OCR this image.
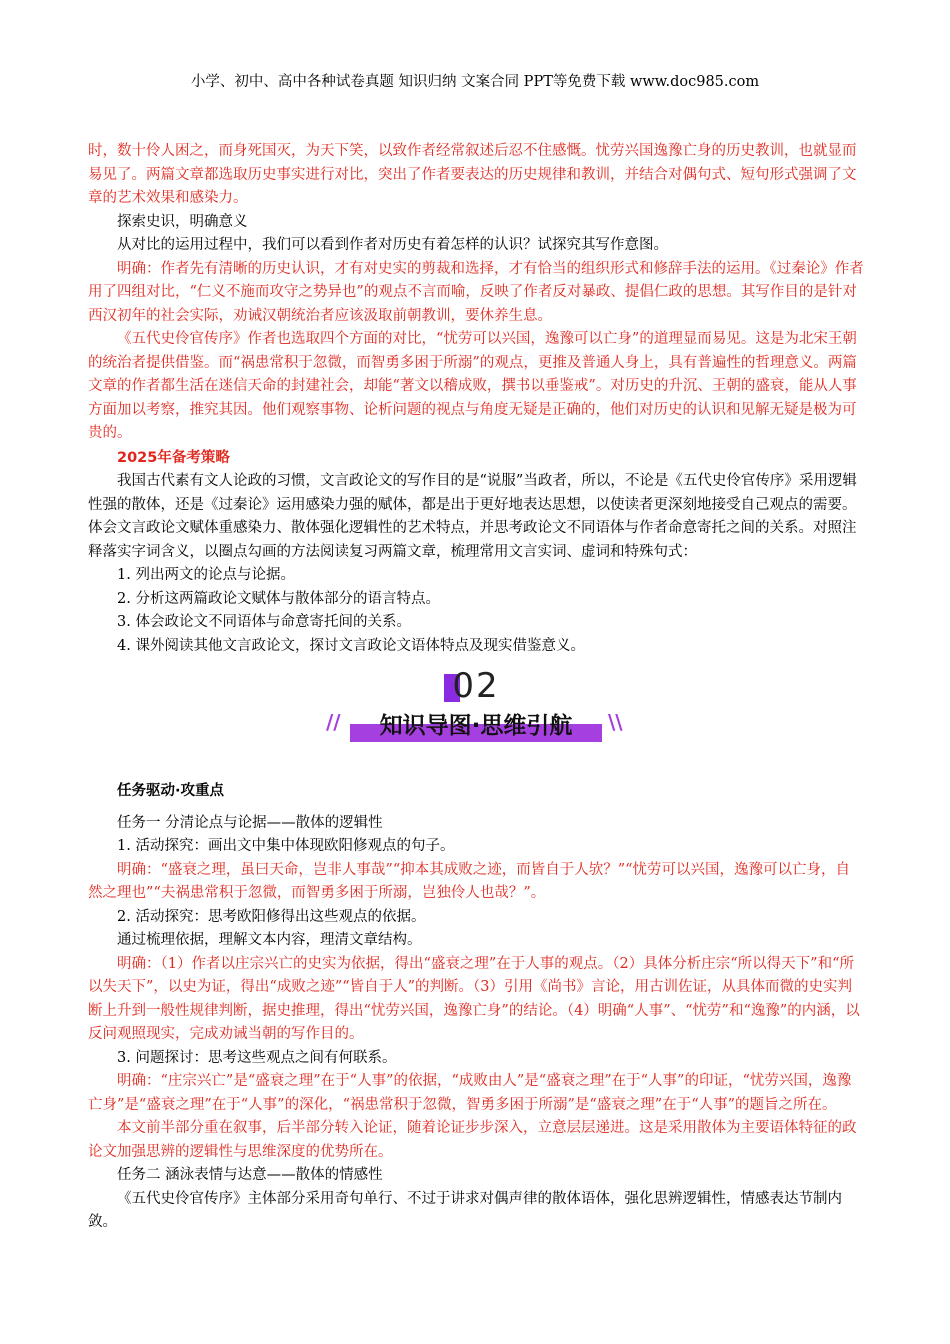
小学、初中、高中各种试卷真题 知识归纳 文案合同 PPT等免费下载 www.doc985.com

时，数十伶人困之，而身死国灭，为天下笑，以致作者经常叙述后忍不住感慨。忧劳兴国逸豫亡身的历史教训，也就显而易见了。两篇文章都选取历史事实进行对比，突出了作者要表达的历史规律和教训，并结合对偶句式、短句形式强调了文章的艺术效果和感染力。

探索史识，明确意义

从对比的运用过程中，我们可以看到作者对历史有着怎样的认识？试探究其写作意图。

明确：作者先有清晰的历史认识，才有对史实的剪裁和选择，才有恰当的组织形式和修辞手法的运用。《过秦论》作者用了四组对比，“仁义不施而攻守之势异也”的观点不言而喻，反映了作者反对暴政、提倡仁政的思想。其写作目的是针对西汉初年的社会实际，劝诫汉朝统治者应该汲取前朝教训，要休养生息。

《五代史伶官传序》作者也选取四个方面的对比，“忧劳可以兴国，逸豫可以亡身”的道理显而易见。这是为北宋王朝的统治者提供借鉴。而“祸患常积于忽微，而智勇多困于所溺”的观点，更推及普通人身上，具有普遍性的哲理意义。两篇文章的作者都生活在迷信天命的封建社会，却能“著文以稽成败，撰书以垂鉴戒”。对历史的升沉、王朝的盛衰，能从人事方面加以考察，推究其因。他们观察事物、论析问题的视点与角度无疑是正确的，他们对历史的认识和见解无疑是极为可贵的。

2025年备考策略

我国古代素有文人论政的习惯，文言政论文的写作目的是“说服”当政者，所以，不论是《五代史伶官传序》采用逻辑性强的散体，还是《过秦论》运用感染力强的赋体，都是出于更好地表达思想，以使读者更深刻地接受自己观点的需要。体会文言政论文赋体重感染力、散体强化逻辑性的艺术特点，并思考政论文不同语体与作者命意寄托之间的关系。对照注释落实字词含义，以圈点勾画的方法阅读复习两篇文章，梳理常用文言实词、虚词和特殊句式：

1. 列出两文的论点与论据。

2. 分析这两篇政论文赋体与散体部分的语言特点。

3. 体会政论文不同语体与命意寄托间的关系。

4. 课外阅读其他文言政论文，探讨文言政论文语体特点及现实借鉴意义。

02
//	知识导图·思维引航	\\

任务驱动·攻重点

任务一 分清论点与论据——散体的逻辑性

1. 活动探究：画出文中集中体现欧阳修观点的句子。

明确：“盛衰之理，虽曰天命，岂非人事哉”“抑本其成败之迹，而皆自于人欤？”“忧劳可以兴国，逸豫可以亡身，自然之理也”“夫祸患常积于忽微，而智勇多困于所溺，岂独伶人也哉？”。

2. 活动探究：思考欧阳修得出这些观点的依据。

通过梳理依据，理解文本内容，理清文章结构。

明确：（1）作者以庄宗兴亡的史实为依据，得出“盛衰之理”在于人事的观点。（2）具体分析庄宗“所以得天下”和“所以失天下”，以史为证，得出“成败之迹”“皆自于人”的判断。（3）引用《尚书》言论，用古训佐证，从具体而微的史实判断上升到一般性规律判断，据史推理，得出“忧劳兴国，逸豫亡身”的结论。（4）明确“人事”、“忧劳”和“逸豫”的内涵，以反问观照现实，完成劝诫当朝的写作目的。

3. 问题探讨：思考这些观点之间有何联系。

明确：“庄宗兴亡”是“盛衰之理”在于“人事”的依据，“成败由人”是“盛衰之理”在于“人事”的印证，“忧劳兴国，逸豫亡身”是“盛衰之理”在于“人事”的深化，“祸患常积于忽微，智勇多困于所溺”是“盛衰之理”在于“人事”的题旨之所在。

本文前半部分重在叙事，后半部分转入论证，随着论证步步深入，立意层层递进。这是采用散体为主要语体特征的政论文加强思辨的逻辑性与思维深度的优势所在。

任务二 涵泳表情与达意——散体的情感性

《五代史伶官传序》主体部分采用奇句单行、不过于讲求对偶声律的散体语体，强化思辨逻辑性，情感表达节制内敛。
